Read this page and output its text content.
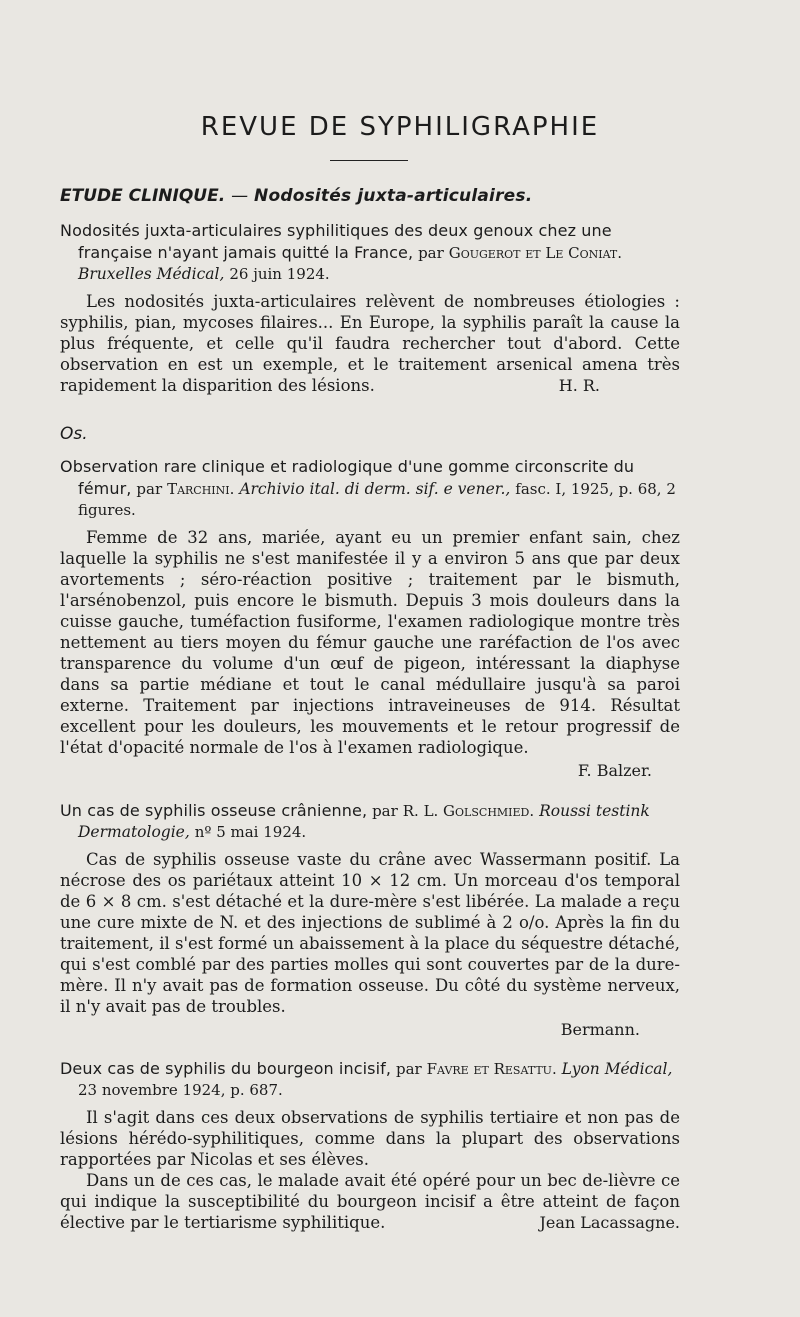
REVUE DE SYPHILIGRAPHIE

ETUDE CLINIQUE. — Nodosités juxta-articulaires.

Nodosités juxta-articulaires syphilitiques des deux genoux chez une française n'ayant jamais quitté la France, par Gougerot et Le Coniat. Bruxelles Médical, 26 juin 1924.

Les nodosités juxta-articulaires relèvent de nombreuses étiologies : syphilis, pian, mycoses filaires... En Europe, la syphilis paraît la cause la plus fréquente, et celle qu'il faudra rechercher tout d'abord. Cette observation en est un exemple, et le traitement arsenical amena très rapidement la disparition des lésions.	H. R.

Os.

Observation rare clinique et radiologique d'une gomme circonscrite du fémur, par Tarchini. Archivio ital. di derm. sif. e vener., fasc. I, 1925, p. 68, 2 figures.

Femme de 32 ans, mariée, ayant eu un premier enfant sain, chez laquelle la syphilis ne s'est manifestée il y a environ 5 ans que par deux avortements ; séro-réaction positive ; traitement par le bismuth, l'arsénobenzol, puis encore le bismuth. Depuis 3 mois douleurs dans la cuisse gauche, tuméfaction fusiforme, l'examen radiologique montre très nettement au tiers moyen du fémur gauche une raréfaction de l'os avec transparence du volume d'un œuf de pigeon, intéressant la diaphyse dans sa partie médiane et tout le canal médullaire jusqu'à sa paroi externe. Traitement par injections intraveineuses de 914. Résultat excellent pour les douleurs, les mouvements et le retour progressif de l'état d'opacité normale de l'os à l'examen radiologique.

F. Balzer.

Un cas de syphilis osseuse crânienne, par R. L. Golschmied. Roussi testink Dermatologie, nº 5 mai 1924.

Cas de syphilis osseuse vaste du crâne avec Wassermann positif. La nécrose des os pariétaux atteint 10 × 12 cm. Un morceau d'os temporal de 6 × 8 cm. s'est détaché et la dure-mère s'est libérée. La malade a reçu une cure mixte de N. et des injections de sublimé à 2 o/o. Après la fin du traitement, il s'est formé un abaissement à la place du séquestre détaché, qui s'est comblé par des parties molles qui sont couvertes par de la dure-mère. Il n'y avait pas de formation osseuse. Du côté du système nerveux, il n'y avait pas de troubles.

Bermann.

Deux cas de syphilis du bourgeon incisif, par Favre et Resattu. Lyon Médical, 23 novembre 1924, p. 687.

Il s'agit dans ces deux observations de syphilis tertiaire et non pas de lésions hérédo-syphilitiques, comme dans la plupart des observations rapportées par Nicolas et ses élèves.

Dans un de ces cas, le malade avait été opéré pour un bec de-lièvre ce qui indique la susceptibilité du bourgeon incisif a être atteint de façon élective par le tertiarisme syphilitique.	Jean Lacassagne.
